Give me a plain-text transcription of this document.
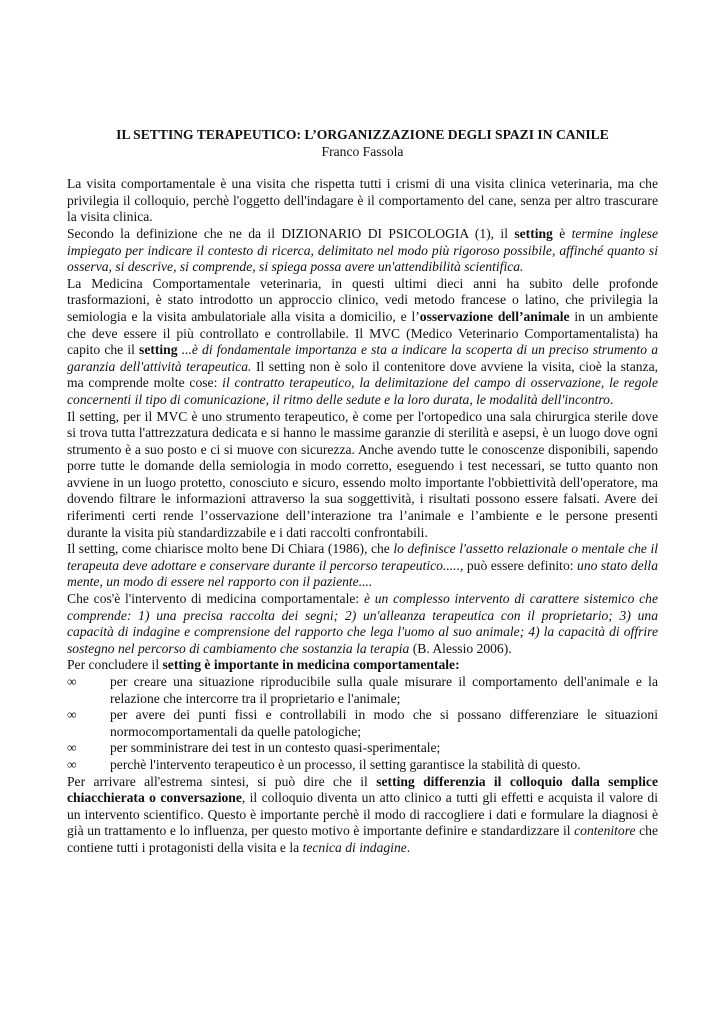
IL SETTING TERAPEUTICO: L’ORGANIZZAZIONE DEGLI SPAZI IN CANILE
Franco Fassola

La visita comportamentale è una visita che rispetta tutti i crismi di una visita clinica veterinaria, ma che privilegia il colloquio, perchè l'oggetto dell'indagare è il comportamento del cane, senza per altro trascurare la visita clinica.

Secondo la definizione che ne da il DIZIONARIO DI PSICOLOGIA (1), il setting è termine inglese impiegato per indicare il contesto di ricerca, delimitato nel modo più rigoroso possibile, affinché quanto si osserva, si descrive, si comprende, si spiega possa avere un'attendibilità scientifica.

La Medicina Comportamentale veterinaria, in questi ultimi dieci anni ha subito delle profonde trasformazioni, è stato introdotto un approccio clinico, vedi metodo francese o latino, che privilegia la semiologia e la visita ambulatoriale alla visita a domicilio, e l’osservazione dell’animale in un ambiente che deve essere il più controllato e controllabile. Il MVC (Medico Veterinario Comportamentalista) ha capito che il setting ...è di fondamentale importanza e sta a indicare la scoperta di un preciso strumento a garanzia dell'attività terapeutica. Il setting non è solo il contenitore dove avviene la visita, cioè la stanza, ma comprende molte cose: il contratto terapeutico, la delimitazione del campo di osservazione, le regole concernenti il tipo di comunicazione, il ritmo delle sedute e la loro durata, le modalità dell'incontro.

Il setting, per il MVC è uno strumento terapeutico, è come per l'ortopedico una sala chirurgica sterile dove si trova tutta l'attrezzatura dedicata e si hanno le massime garanzie di sterilità e asepsi, è un luogo dove ogni strumento è a suo posto e ci si muove con sicurezza. Anche avendo tutte le conoscenze disponibili, sapendo porre tutte le domande della semiologia in modo corretto, eseguendo i test necessari, se tutto quanto non avviene in un luogo protetto, conosciuto e sicuro, essendo molto importante l'obbiettività dell'operatore, ma dovendo filtrare le informazioni attraverso la sua soggettività, i risultati possono essere falsati. Avere dei riferimenti certi rende l’osservazione dell’interazione tra l’animale e l’ambiente e le persone presenti durante la visita più standardizzabile e i dati raccolti confrontabili.

Il setting, come chiarisce molto bene Di Chiara (1986), che lo definisce l'assetto relazionale o mentale che il terapeuta deve adottare e conservare durante il percorso terapeutico....., può essere definito: uno stato della mente, un modo di essere nel rapporto con il paziente....

Che cos'è l'intervento di medicina comportamentale: è un complesso intervento di carattere sistemico che comprende: 1) una precisa raccolta dei segni; 2) un'alleanza terapeutica con il proprietario; 3) una capacità di indagine e comprensione del rapporto che lega l'uomo al suo animale; 4) la capacità di offrire sostegno nel percorso di cambiamento che sostanzia la terapia (B. Alessio 2006).

Per concludere il setting è importante in medicina comportamentale:

∞ per creare una situazione riproducibile sulla quale misurare il comportamento dell'animale e la relazione che intercorre tra il proprietario e l'animale;
∞ per avere dei punti fissi e controllabili in modo che si possano differenziare le situazioni normocomportamentali da quelle patologiche;
∞ per somministrare dei test in un contesto quasi-sperimentale;
∞ perchè l'intervento terapeutico è un processo, il setting garantisce la stabilità di questo.

Per arrivare all'estrema sintesi, si può dire che il setting differenzia il colloquio dalla semplice chiacchierata o conversazione, il colloquio diventa un atto clinico a tutti gli effetti e acquista il valore di un intervento scientifico. Questo è importante perchè il modo di raccogliere i dati e formulare la diagnosi è già un trattamento e lo influenza, per questo motivo è importante definire e standardizzare il contenitore che contiene tutti i protagonisti della visita e la tecnica di indagine.
